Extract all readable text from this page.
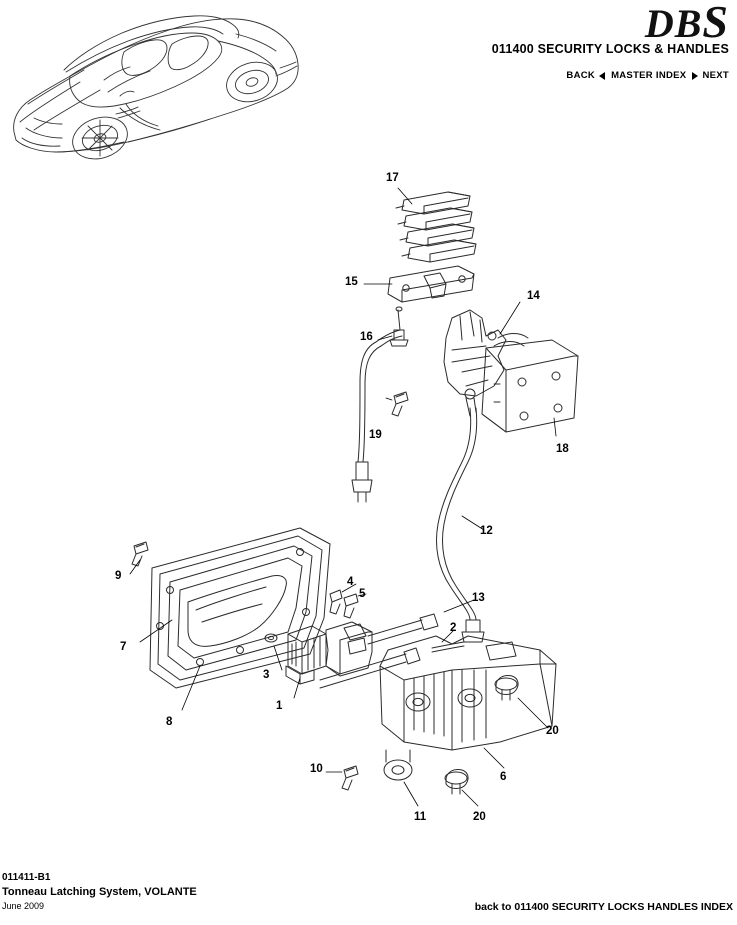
DBS
011400 SECURITY LOCKS & HANDLES
BACK MASTER INDEX NEXT
17
15
14
16
18
19
12
9	4
5	13
2
7
3
1
8
20
6
10
11	20
011411-B1
Tonneau Latching System, VOLANTE
June 2009	back to 011400 SECURITY LOCKS HANDLES INDEX
